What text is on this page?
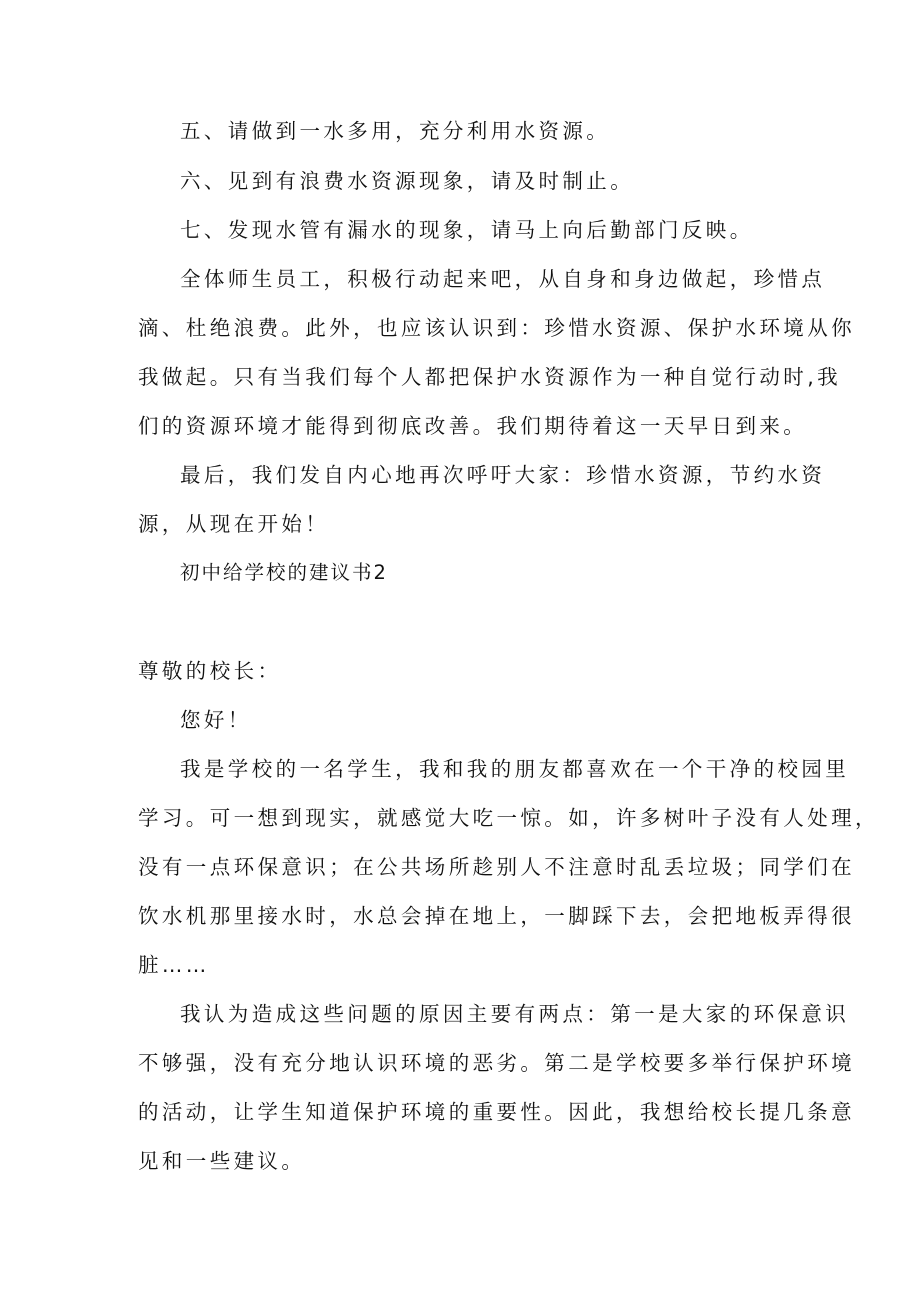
五、请做到一水多用，充分利用水资源。
六、见到有浪费水资源现象，请及时制止。
七、发现水管有漏水的现象，请马上向后勤部门反映。
全体师生员工，积极行动起来吧，从自身和身边做起，珍惜点
滴、杜绝浪费。此外，也应该认识到：珍惜水资源、保护水环境从你
我做起。只有当我们每个人都把保护水资源作为一种自觉行动时,我
们的资源环境才能得到彻底改善。我们期待着这一天早日到来。
最后，我们发自内心地再次呼吁大家：珍惜水资源，节约水资
源，从现在开始！
初中给学校的建议书2
尊敬的校长：
您好！
我是学校的一名学生，我和我的朋友都喜欢在一个干净的校园里
学习。可一想到现实，就感觉大吃一惊。如，许多树叶子没有人处理，
没有一点环保意识；在公共场所趁别人不注意时乱丢垃圾；同学们在
饮水机那里接水时，水总会掉在地上，一脚踩下去，会把地板弄得很
脏……
我认为造成这些问题的原因主要有两点：第一是大家的环保意识
不够强，没有充分地认识环境的恶劣。第二是学校要多举行保护环境
的活动，让学生知道保护环境的重要性。因此，我想给校长提几条意
见和一些建议。
